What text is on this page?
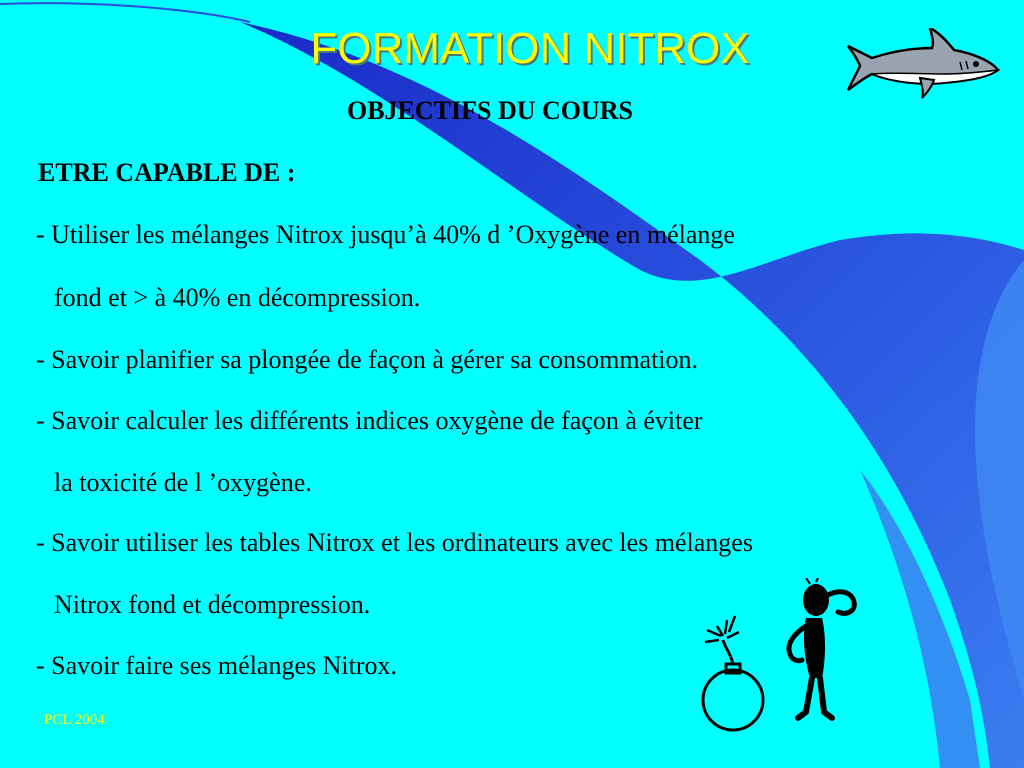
FORMATION NITROX
OBJECTIFS DU COURS
ETRE CAPABLE DE :
- Utiliser les mélanges Nitrox jusqu’à 40% d ’Oxygène en mélange
fond et > à 40% en décompression.
- Savoir planifier sa plongée de façon à gérer sa consommation.
- Savoir calculer les différents indices oxygène de façon à éviter
la toxicité de l ’oxygène.
- Savoir utiliser les tables Nitrox et les ordinateurs avec les mélanges
Nitrox fond et décompression.
- Savoir faire ses mélanges Nitrox.
PCL 2004
